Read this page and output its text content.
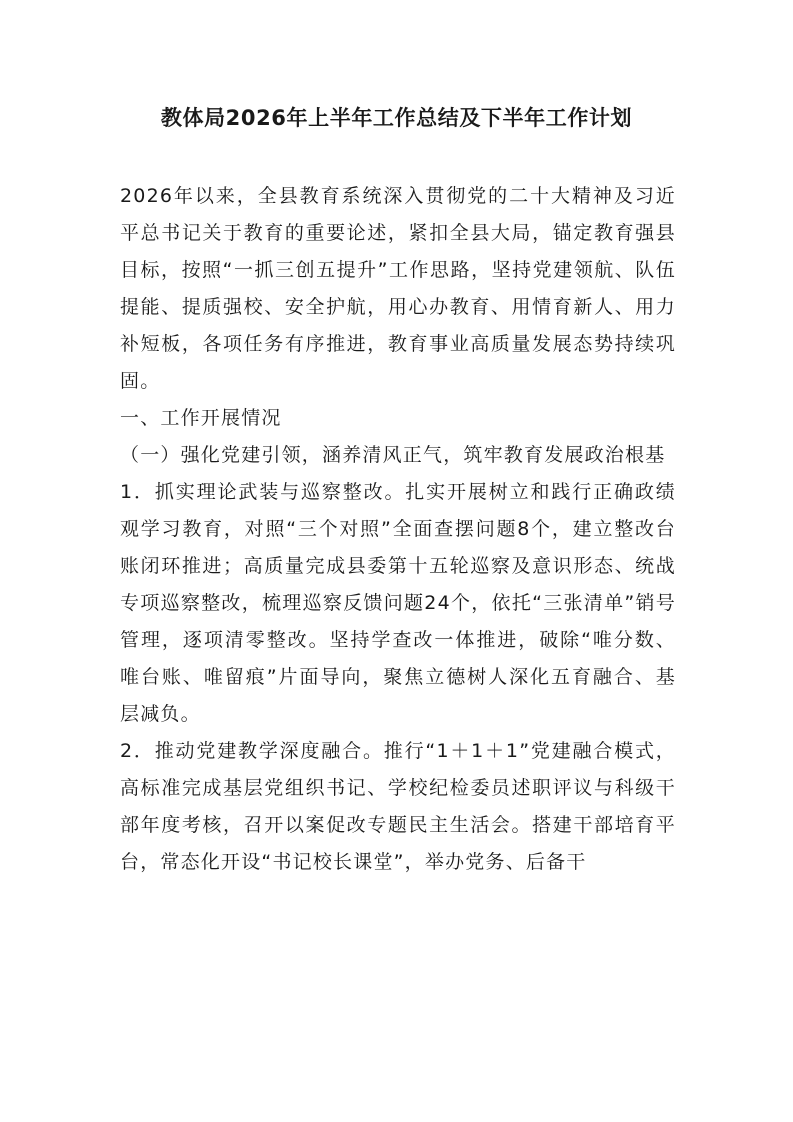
教体局2026年上半年工作总结及下半年工作计划

2026年以来，全县教育系统深入贯彻党的二十大精神及习近平总书记关于教育的重要论述，紧扣全县大局，锚定教育强县目标，按照“一抓三创五提升”工作思路，坚持党建领航、队伍提能、提质强校、安全护航，用心办教育、用情育新人、用力补短板，各项任务有序推进，教育事业高质量发展态势持续巩固。

一、工作开展情况

（一）强化党建引领，涵养清风正气，筑牢教育发展政治根基

1．抓实理论武装与巡察整改。扎实开展树立和践行正确政绩观学习教育，对照“三个对照”全面查摆问题8个，建立整改台账闭环推进；高质量完成县委第十五轮巡察及意识形态、统战专项巡察整改，梳理巡察反馈问题24个，依托“三张清单”销号管理，逐项清零整改。坚持学查改一体推进，破除“唯分数、唯台账、唯留痕”片面导向，聚焦立德树人深化五育融合、基层减负。

2．推动党建教学深度融合。推行“1＋1＋1”党建融合模式，高标准完成基层党组织书记、学校纪检委员述职评议与科级干部年度考核，召开以案促改专题民主生活会。搭建干部培育平台，常态化开设“书记校长课堂”，举办党务、后备干
